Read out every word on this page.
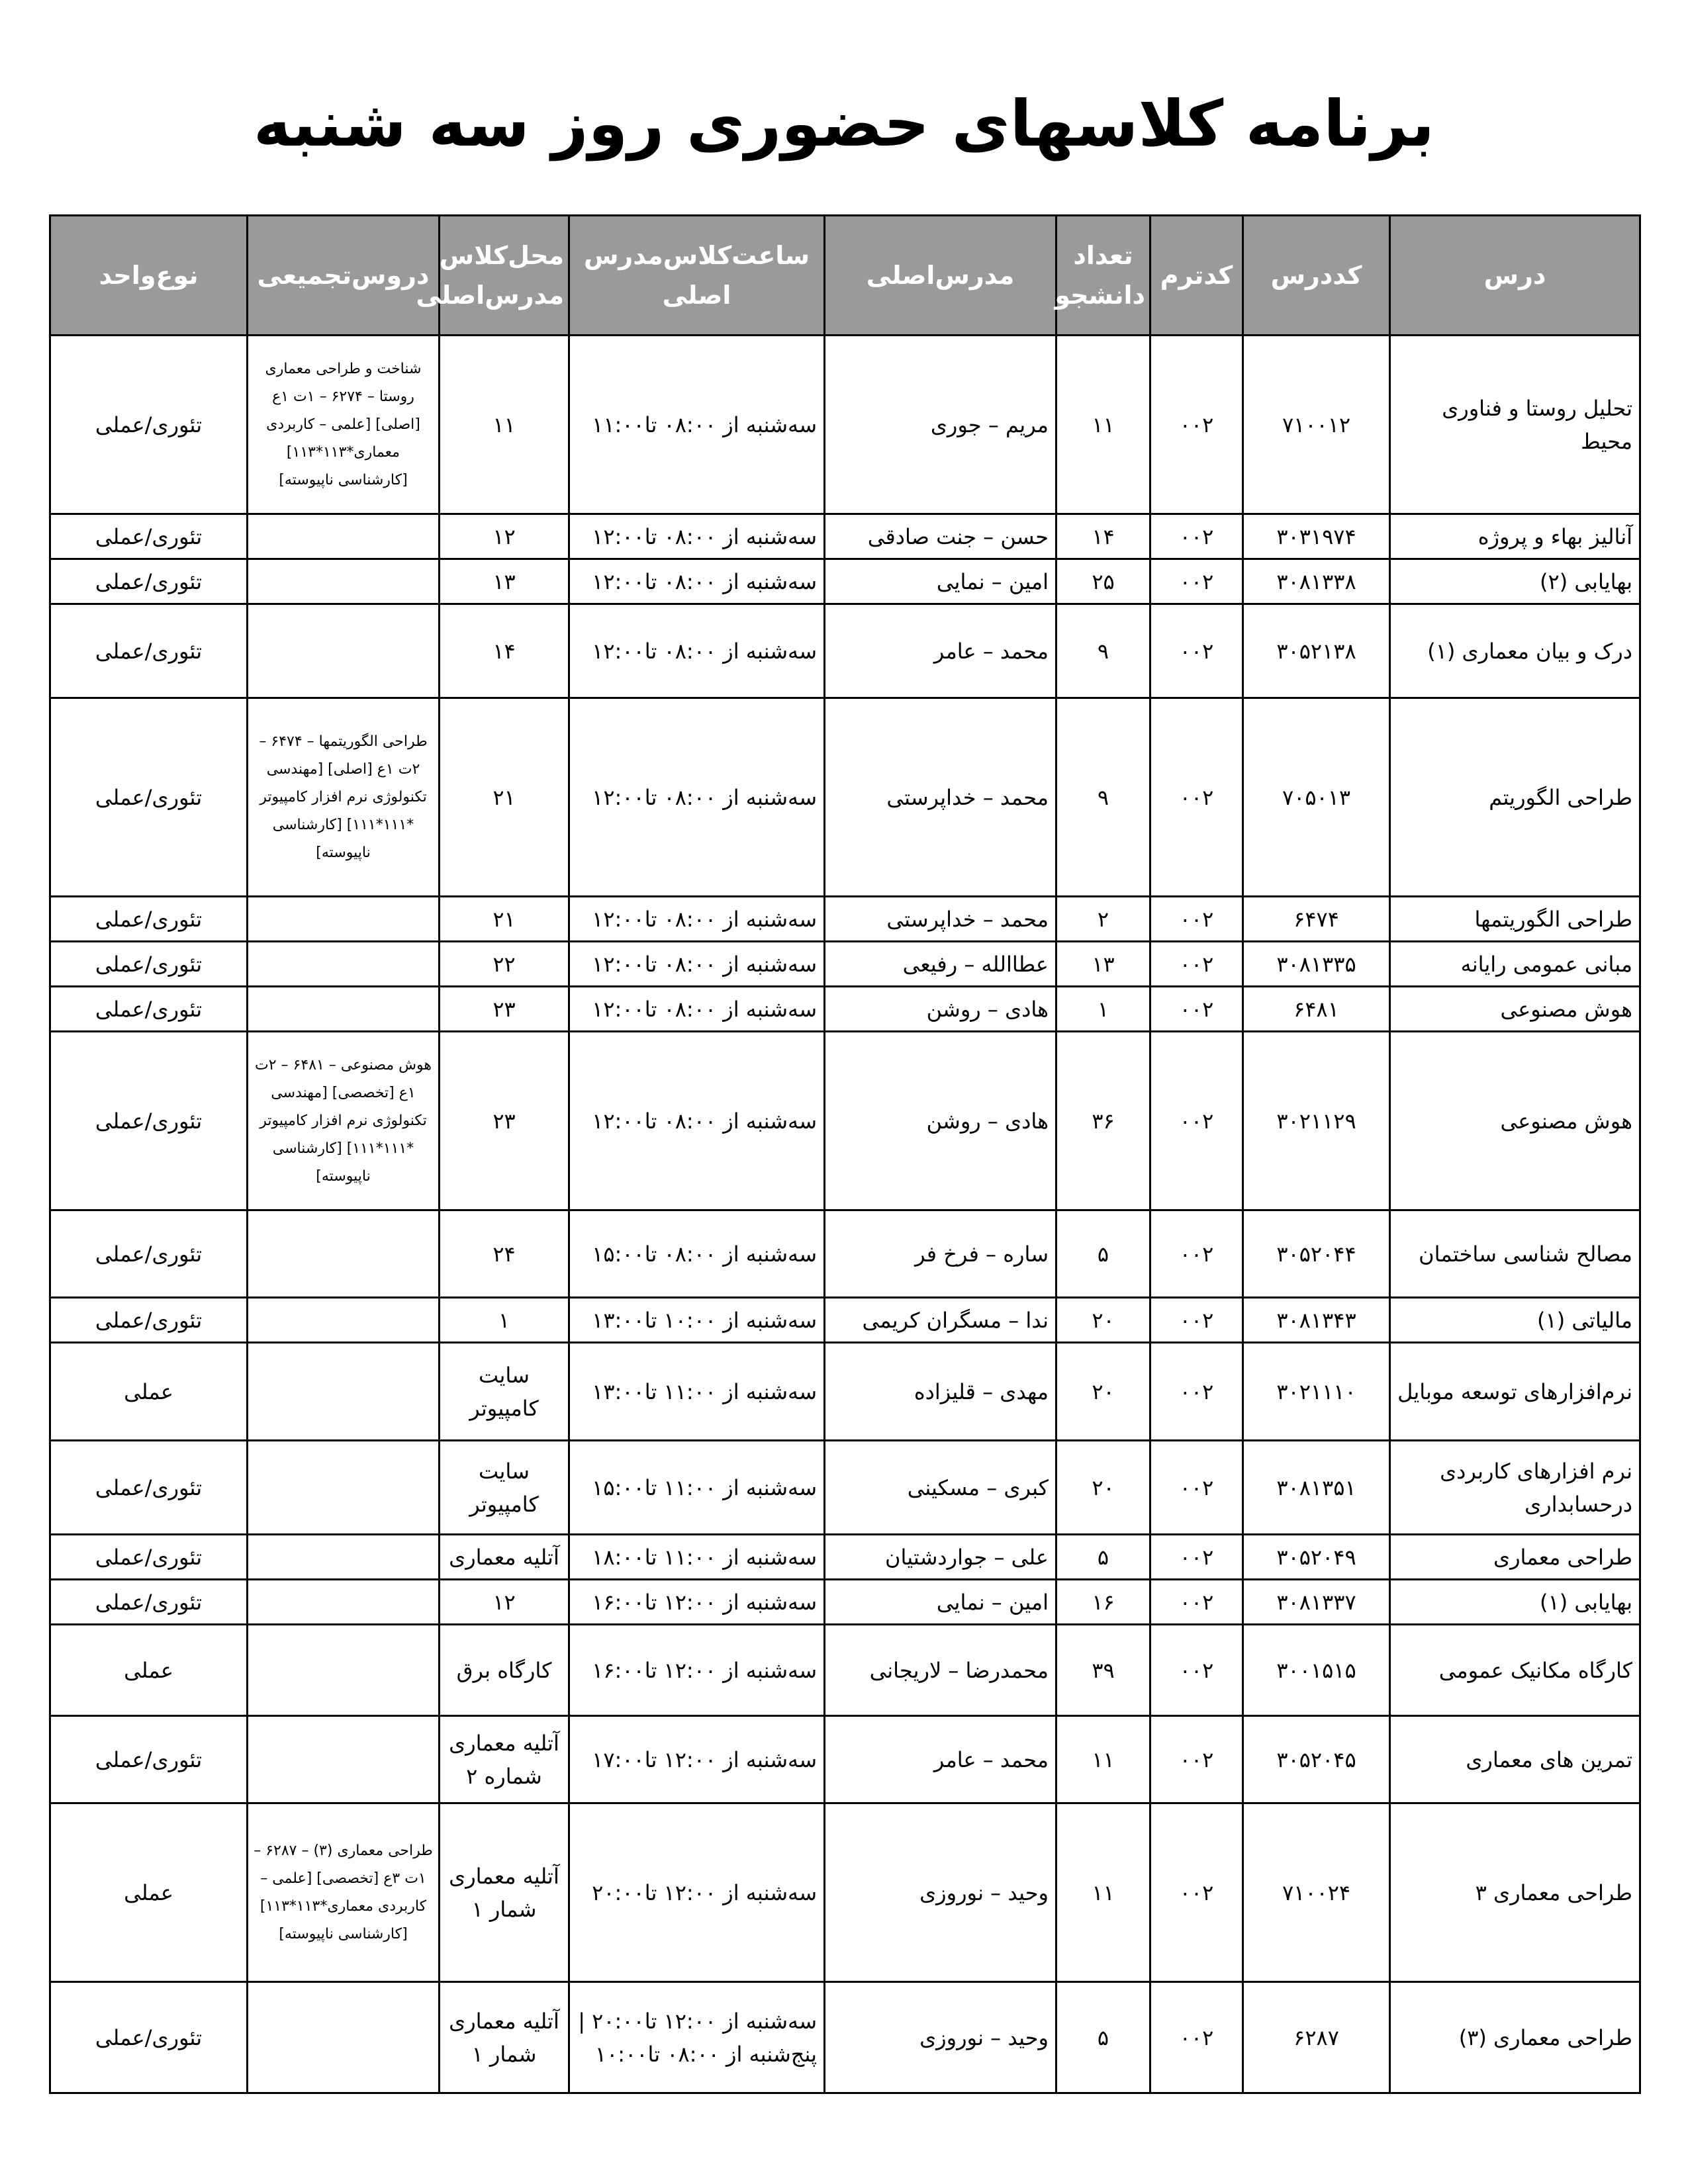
برنامه کلاسهای حضوری روز سه شنبه
درس	کددرس	کدترم	تعداد دانشجو	مدرس‌اصلی	ساعت‌کلاس‌مدرس اصلی	محل‌کلاس مدرس‌اصلی	دروس‌تجمیعی	نوع‌واحد
تحلیل روستا و فناوری محیط	۷۱۰۰۱۲	۰۰۲	۱۱	مریم – جوری	سه‌شنبه از ۰۸:۰۰ تا۱۱:۰۰	۱۱	شناخت و طراحی معماری روستا – ۶۲۷۴ – ۱ت ۱ع [اصلی] [علمی – کاربردی معماری*۱۱۳*۱۱۳] [کارشناسی ناپیوسته]	تئوری/عملی
آنالیز بهاء و پروژه	۳۰۳۱۹۷۴	۰۰۲	۱۴	حسن – جنت صادقی	سه‌شنبه از ۰۸:۰۰ تا۱۲:۰۰	۱۲		تئوری/عملی
بهایابی (۲)	۳۰۸۱۳۳۸	۰۰۲	۲۵	امین – نمایی	سه‌شنبه از ۰۸:۰۰ تا۱۲:۰۰	۱۳		تئوری/عملی
درک و بیان معماری (۱)	۳۰۵۲۱۳۸	۰۰۲	۹	محمد – عامر	سه‌شنبه از ۰۸:۰۰ تا۱۲:۰۰	۱۴		تئوری/عملی
طراحی الگوریتم	۷۰۵۰۱۳	۰۰۲	۹	محمد – خداپرستی	سه‌شنبه از ۰۸:۰۰ تا۱۲:۰۰	۲۱	طراحی الگوریتمها – ۶۴۷۴ – ۲ت ۱ع [اصلی] [مهندسی تکنولوژی نرم افزار کامپیوتر *۱۱۱*۱۱۱] [کارشناسی ناپیوسته]	تئوری/عملی
طراحی الگوریتمها	۶۴۷۴	۰۰۲	۲	محمد – خداپرستی	سه‌شنبه از ۰۸:۰۰ تا۱۲:۰۰	۲۱		تئوری/عملی
مبانی عمومی رایانه	۳۰۸۱۳۳۵	۰۰۲	۱۳	عطاالله – رفیعی	سه‌شنبه از ۰۸:۰۰ تا۱۲:۰۰	۲۲		تئوری/عملی
هوش مصنوعی	۶۴۸۱	۰۰۲	۱	هادی – روشن	سه‌شنبه از ۰۸:۰۰ تا۱۲:۰۰	۲۳		تئوری/عملی
هوش مصنوعی	۳۰۲۱۱۲۹	۰۰۲	۳۶	هادی – روشن	سه‌شنبه از ۰۸:۰۰ تا۱۲:۰۰	۲۳	هوش مصنوعی – ۶۴۸۱ – ۲ت ۱ع [تخصصی] [مهندسی تکنولوژی نرم افزار کامپیوتر *۱۱۱*۱۱۱] [کارشناسی ناپیوسته]	تئوری/عملی
مصالح شناسی ساختمان	۳۰۵۲۰۴۴	۰۰۲	۵	ساره – فرخ فر	سه‌شنبه از ۰۸:۰۰ تا۱۵:۰۰	۲۴		تئوری/عملی
مالیاتی (۱)	۳۰۸۱۳۴۳	۰۰۲	۲۰	ندا – مسگران کریمی	سه‌شنبه از ۱۰:۰۰ تا۱۳:۰۰	۱		تئوری/عملی
نرم‌افزارهای توسعه موبایل	۳۰۲۱۱۱۰	۰۰۲	۲۰	مهدی – قلیزاده	سه‌شنبه از ۱۱:۰۰ تا۱۳:۰۰	سایت کامپیوتر		عملی
نرم افزارهای کاربردی درحسابداری	۳۰۸۱۳۵۱	۰۰۲	۲۰	کبری – مسکینی	سه‌شنبه از ۱۱:۰۰ تا۱۵:۰۰	سایت کامپیوتر		تئوری/عملی
طراحی معماری	۳۰۵۲۰۴۹	۰۰۲	۵	علی – جواردشتیان	سه‌شنبه از ۱۱:۰۰ تا۱۸:۰۰	آتلیه معماری		تئوری/عملی
بهایابی (۱)	۳۰۸۱۳۳۷	۰۰۲	۱۶	امین – نمایی	سه‌شنبه از ۱۲:۰۰ تا۱۶:۰۰	۱۲		تئوری/عملی
کارگاه مکانیک عمومی	۳۰۰۱۵۱۵	۰۰۲	۳۹	محمدرضا – لاریجانی	سه‌شنبه از ۱۲:۰۰ تا۱۶:۰۰	کارگاه برق		عملی
تمرین های معماری	۳۰۵۲۰۴۵	۰۰۲	۱۱	محمد – عامر	سه‌شنبه از ۱۲:۰۰ تا۱۷:۰۰	آتلیه معماری شماره ۲		تئوری/عملی
طراحی معماری ۳	۷۱۰۰۲۴	۰۰۲	۱۱	وحید – نوروزی	سه‌شنبه از ۱۲:۰۰ تا۲۰:۰۰	آتلیه معماری شمار ۱	طراحی معماری (۳) – ۶۲۸۷ – ۱ت ۳ع [تخصصی] [علمی – کاربردی معماری*۱۱۳*۱۱۳] [کارشناسی ناپیوسته]	عملی
طراحی معماری (۳)	۶۲۸۷	۰۰۲	۵	وحید – نوروزی	سه‌شنبه از ۱۲:۰۰ تا۲۰:۰۰ | پنج‌شنبه از ۰۸:۰۰ تا۱۰:۰۰	آتلیه معماری شمار ۱		تئوری/عملی
